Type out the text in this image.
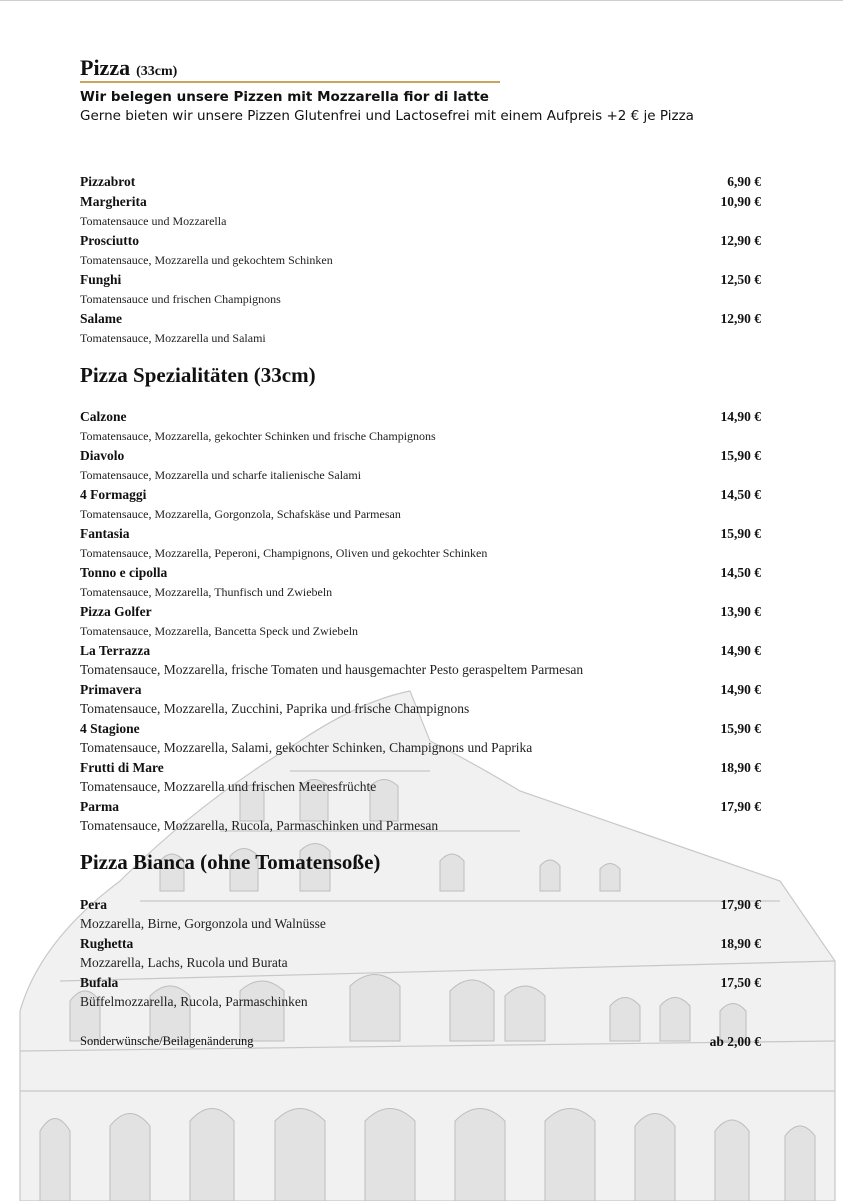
Pizza (33cm)
Wir belegen unsere Pizzen mit Mozzarella fior di latte
Gerne bieten wir unsere Pizzen Glutenfrei und Lactosefrei mit einem Aufpreis +2 € je Pizza
Pizzabrot	6,90 €
Margherita	10,90 €
Tomatensauce und Mozzarella
Prosciutto	12,90 €
Tomatensauce, Mozzarella und gekochtem Schinken
Funghi	12,50 €
Tomatensauce und frischen Champignons
Salame	12,90 €
Tomatensauce, Mozzarella und Salami
Pizza Spezialitäten (33cm)
Calzone	14,90 €
Tomatensauce, Mozzarella, gekochter Schinken und frische Champignons
Diavolo	15,90 €
Tomatensauce, Mozzarella und scharfe italienische Salami
4 Formaggi	14,50 €
Tomatensauce, Mozzarella, Gorgonzola, Schafskäse und Parmesan
Fantasia	15,90 €
Tomatensauce, Mozzarella, Peperoni, Champignons, Oliven und gekochter Schinken
Tonno e cipolla	14,50 €
Tomatensauce, Mozzarella, Thunfisch und Zwiebeln
Pizza Golfer	13,90 €
Tomatensauce, Mozzarella, Bancetta Speck und Zwiebeln
La Terrazza	14,90 €
Tomatensauce, Mozzarella, frische Tomaten und hausgemachter Pesto geraspeltem Parmesan
Primavera	14,90 €
Tomatensauce, Mozzarella, Zucchini, Paprika und frische Champignons
4 Stagione	15,90 €
Tomatensauce, Mozzarella, Salami, gekochter Schinken, Champignons und Paprika
Frutti di Mare	18,90 €
Tomatensauce, Mozzarella und frischen Meeresfrüchte
Parma	17,90 €
Tomatensauce, Mozzarella, Rucola, Parmaschinken und Parmesan
Pizza Bianca (ohne Tomatensoße)
Pera	17,90 €
Mozzarella, Birne, Gorgonzola und Walnüsse
Rughetta	18,90 €
Mozzarella, Lachs, Rucola und Burata
Bufala	17,50 €
Büffelmozzarella, Rucola, Parmaschinken
Sonderwünsche/Beilagenänderung	ab 2,00 €
